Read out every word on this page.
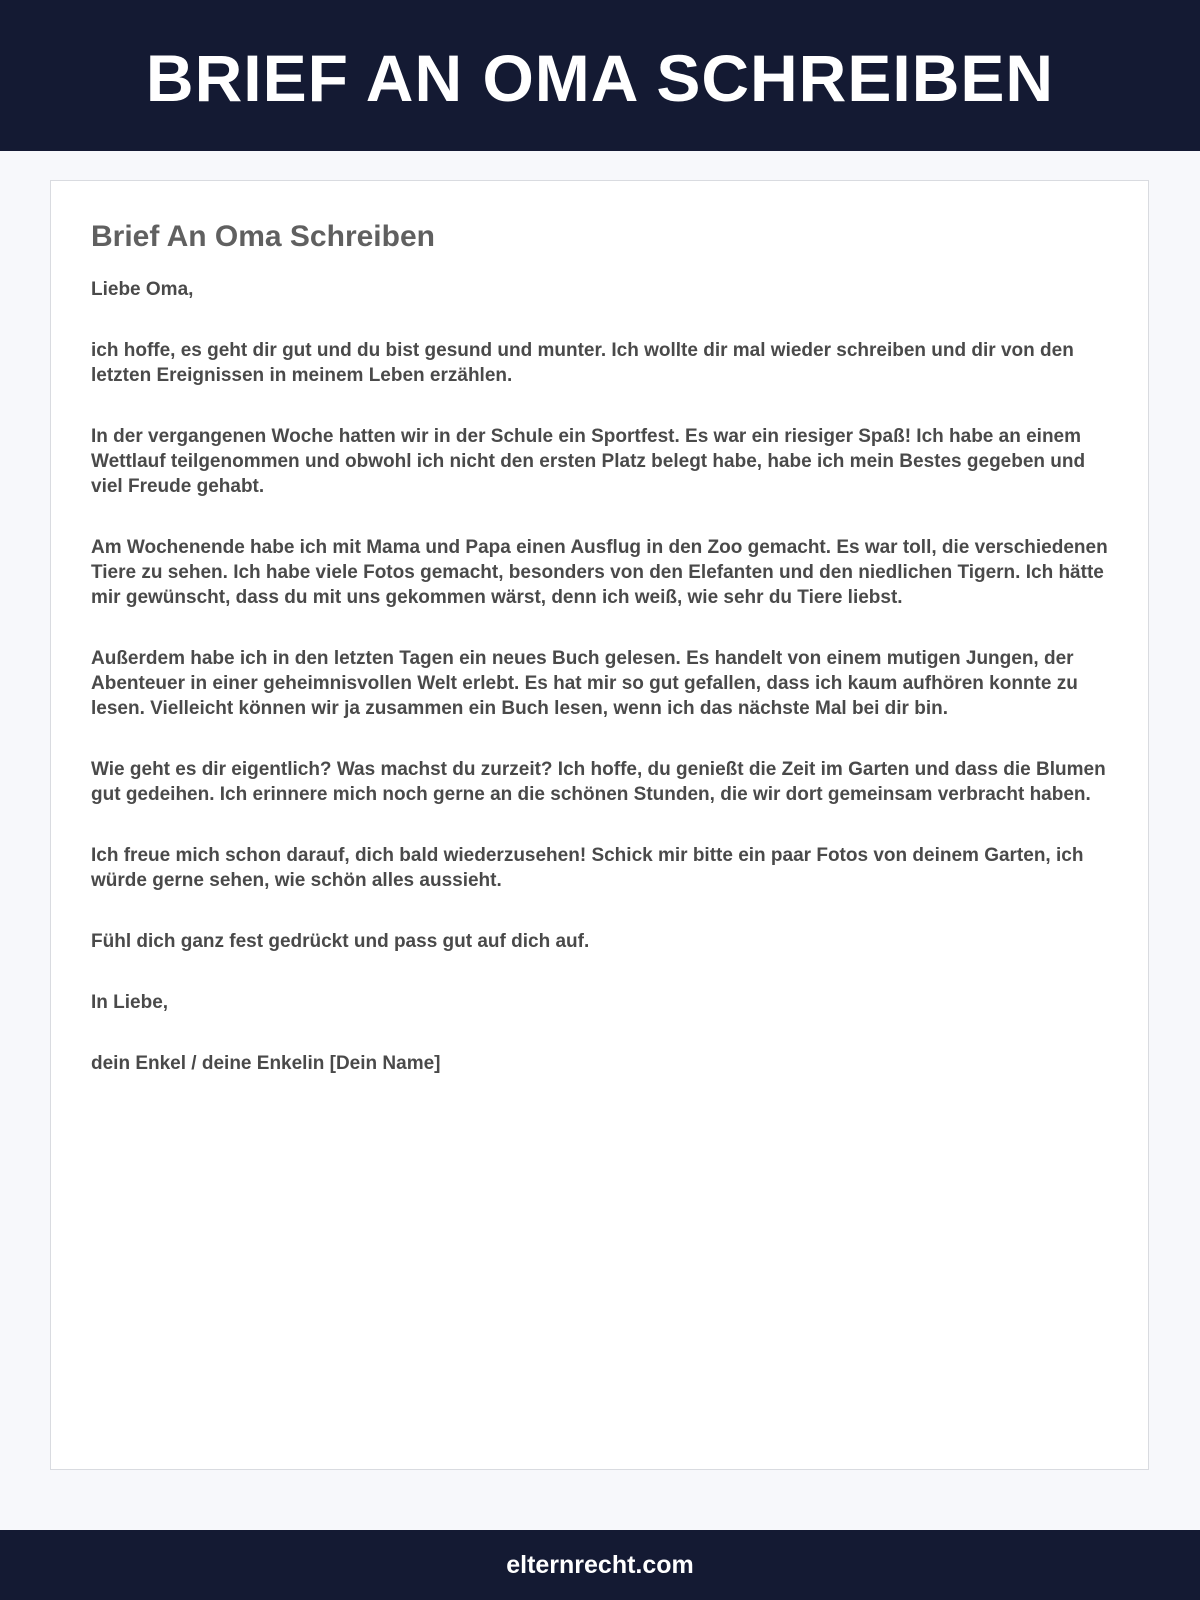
BRIEF AN OMA SCHREIBEN
Brief An Oma Schreiben

Liebe Oma,

ich hoffe, es geht dir gut und du bist gesund und munter. Ich wollte dir mal wieder schreiben und dir von den letzten Ereignissen in meinem Leben erzählen.

In der vergangenen Woche hatten wir in der Schule ein Sportfest. Es war ein riesiger Spaß! Ich habe an einem Wettlauf teilgenommen und obwohl ich nicht den ersten Platz belegt habe, habe ich mein Bestes gegeben und viel Freude gehabt.

Am Wochenende habe ich mit Mama und Papa einen Ausflug in den Zoo gemacht. Es war toll, die verschiedenen Tiere zu sehen. Ich habe viele Fotos gemacht, besonders von den Elefanten und den niedlichen Tigern. Ich hätte mir gewünscht, dass du mit uns gekommen wärst, denn ich weiß, wie sehr du Tiere liebst.

Außerdem habe ich in den letzten Tagen ein neues Buch gelesen. Es handelt von einem mutigen Jungen, der Abenteuer in einer geheimnisvollen Welt erlebt. Es hat mir so gut gefallen, dass ich kaum aufhören konnte zu lesen. Vielleicht können wir ja zusammen ein Buch lesen, wenn ich das nächste Mal bei dir bin.

Wie geht es dir eigentlich? Was machst du zurzeit? Ich hoffe, du genießt die Zeit im Garten und dass die Blumen gut gedeihen. Ich erinnere mich noch gerne an die schönen Stunden, die wir dort gemeinsam verbracht haben.

Ich freue mich schon darauf, dich bald wiederzusehen! Schick mir bitte ein paar Fotos von deinem Garten, ich würde gerne sehen, wie schön alles aussieht.

Fühl dich ganz fest gedrückt und pass gut auf dich auf.

In Liebe,

dein Enkel / deine Enkelin [Dein Name]

elternrecht.com
